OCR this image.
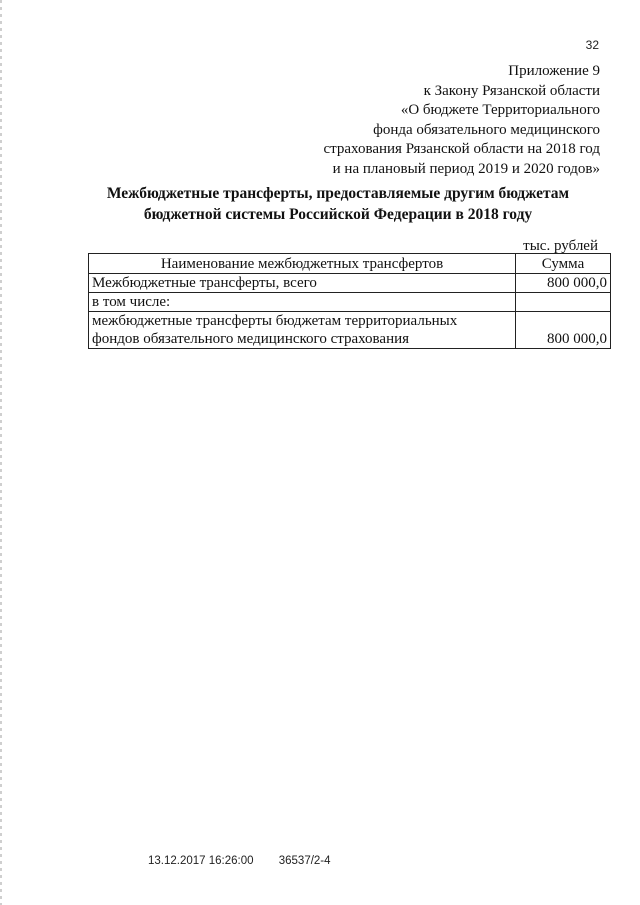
32
Приложение 9
к Закону Рязанской области
«О бюджете Территориального
фонда обязательного медицинского
страхования Рязанской области на 2018 год
и на плановый период 2019 и 2020 годов»
Межбюджетные трансферты, предоставляемые другим бюджетам
бюджетной системы Российской Федерации в 2018 году
тыс. рублей
Наименование межбюджетных трансфертов	Сумма
Межбюджетные трансферты, всего	800 000,0
в том числе:	

межбюджетные трансферты бюджетам территориальных
фондов обязательного медицинского страхования	800 000,0
13.12.2017 16:26:00 36537/2-4
